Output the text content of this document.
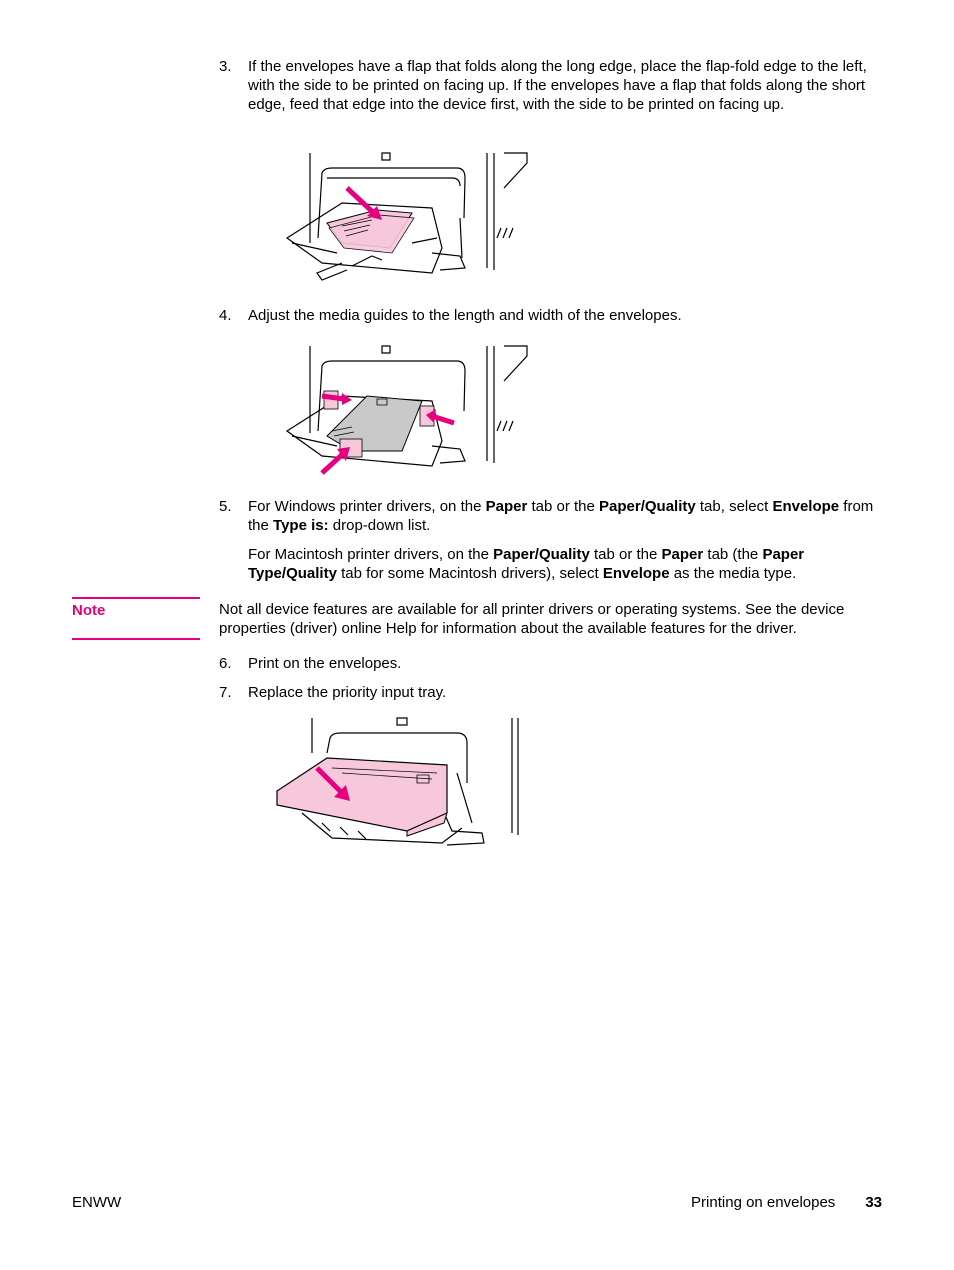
3. If the envelopes have a flap that folds along the long edge, place the flap-fold edge to the left, with the side to be printed on facing up. If the envelopes have a flap that folds along the short edge, feed that edge into the device first, with the side to be printed on facing up.
4. Adjust the media guides to the length and width of the envelopes.
5. For Windows printer drivers, on the Paper tab or the Paper/Quality tab, select Envelope from the Type is: drop-down list.
For Macintosh printer drivers, on the Paper/Quality tab or the Paper tab (the Paper Type/Quality tab for some Macintosh drivers), select Envelope as the media type.
Note	Not all device features are available for all printer drivers or operating systems. See the device properties (driver) online Help for information about the available features for the driver.
6. Print on the envelopes.
7. Replace the priority input tray.
ENWW	Printing on envelopes 33
